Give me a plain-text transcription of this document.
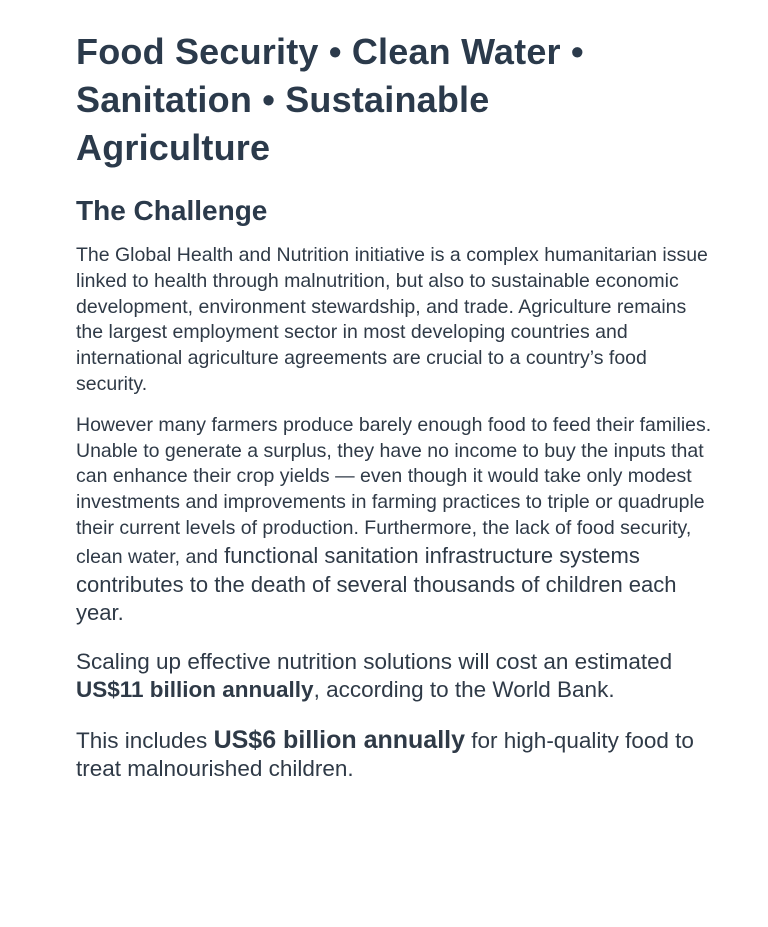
Food Security • Clean Water •
Sanitation • Sustainable
Agriculture
The Challenge

The Global Health and Nutrition initiative is a complex humanitarian issue linked to health through malnutrition, but also to sustainable economic development, environment stewardship, and trade. Agriculture remains the largest employment sector in most developing countries and international agriculture agreements are crucial to a country’s food security.

However many farmers produce barely enough food to feed their families. Unable to generate a surplus, they have no income to buy the inputs that can enhance their crop yields — even though it would take only modest investments and improvements in farming practices to triple or quadruple their current levels of production. Furthermore, the lack of food security, clean water, and functional sanitation infrastructure systems contributes to the death of several thousands of children each year.

Scaling up effective nutrition solutions will cost an estimated US$11 billion annually, according to the World Bank.

This includes US$6 billion annually for high-quality food to treat malnourished children.
